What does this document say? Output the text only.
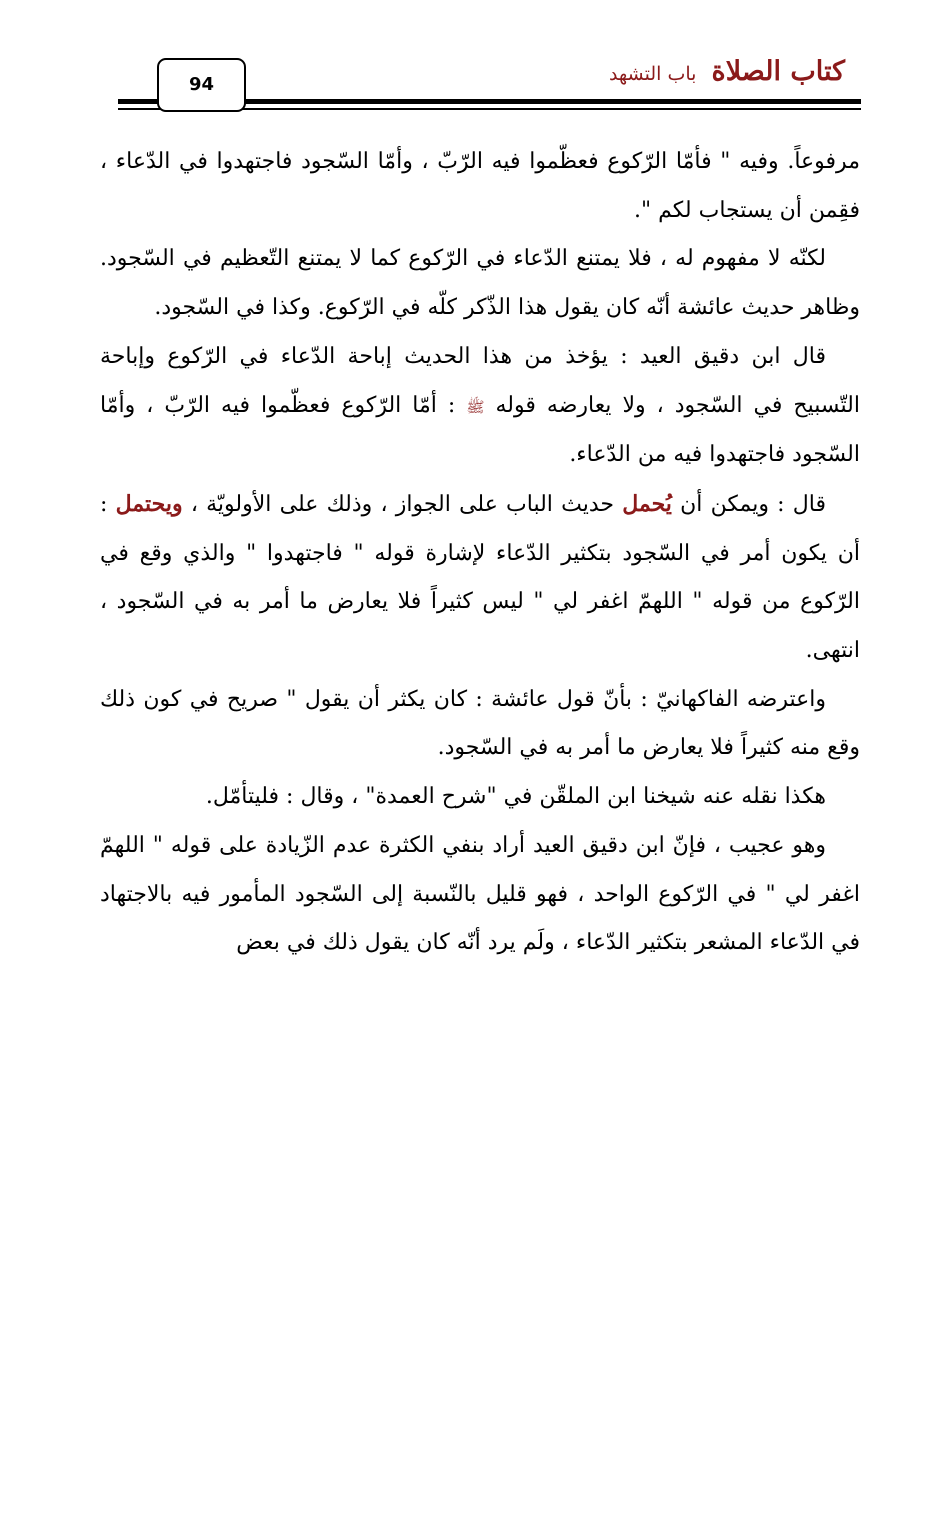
كتاب الصلاة باب التشهد
94

مرفوعاً. وفيه " فأمّا الرّكوع فعظّموا فيه الرّبّ ، وأمّا السّجود فاجتهدوا في الدّعاء ، فقِمن أن يستجاب لكم ".

لكنّه لا مفهوم له ، فلا يمتنع الدّعاء في الرّكوع كما لا يمتنع التّعظيم في السّجود. وظاهر حديث عائشة أنّه كان يقول هذا الذّكر كلّه في الرّكوع. وكذا في السّجود.

قال ابن دقيق العيد : يؤخذ من هذا الحديث إباحة الدّعاء في الرّكوع وإباحة التّسبيح في السّجود ، ولا يعارضه قوله ﷺ : أمّا الرّكوع فعظّموا فيه الرّبّ ، وأمّا السّجود فاجتهدوا فيه من الدّعاء.

قال : ويمكن أن يُحمل حديث الباب على الجواز ، وذلك على الأولويّة ، ويحتمل : أن يكون أمر في السّجود بتكثير الدّعاء لإشارة قوله " فاجتهدوا " والذي وقع في الرّكوع من قوله " اللهمّ اغفر لي " ليس كثيراً فلا يعارض ما أمر به في السّجود ، انتهى.

واعترضه الفاكهانيّ : بأنّ قول عائشة : كان يكثر أن يقول " صريح في كون ذلك وقع منه كثيراً فلا يعارض ما أمر به في السّجود.

هكذا نقله عنه شيخنا ابن الملقّن في "شرح العمدة" ، وقال : فليتأمّل.

وهو عجيب ، فإنّ ابن دقيق العيد أراد بنفي الكثرة عدم الزّيادة على قوله " اللهمّ اغفر لي " في الرّكوع الواحد ، فهو قليل بالنّسبة إلى السّجود المأمور فيه بالاجتهاد في الدّعاء المشعر بتكثير الدّعاء ، ولَم يرد أنّه كان يقول ذلك في بعض
